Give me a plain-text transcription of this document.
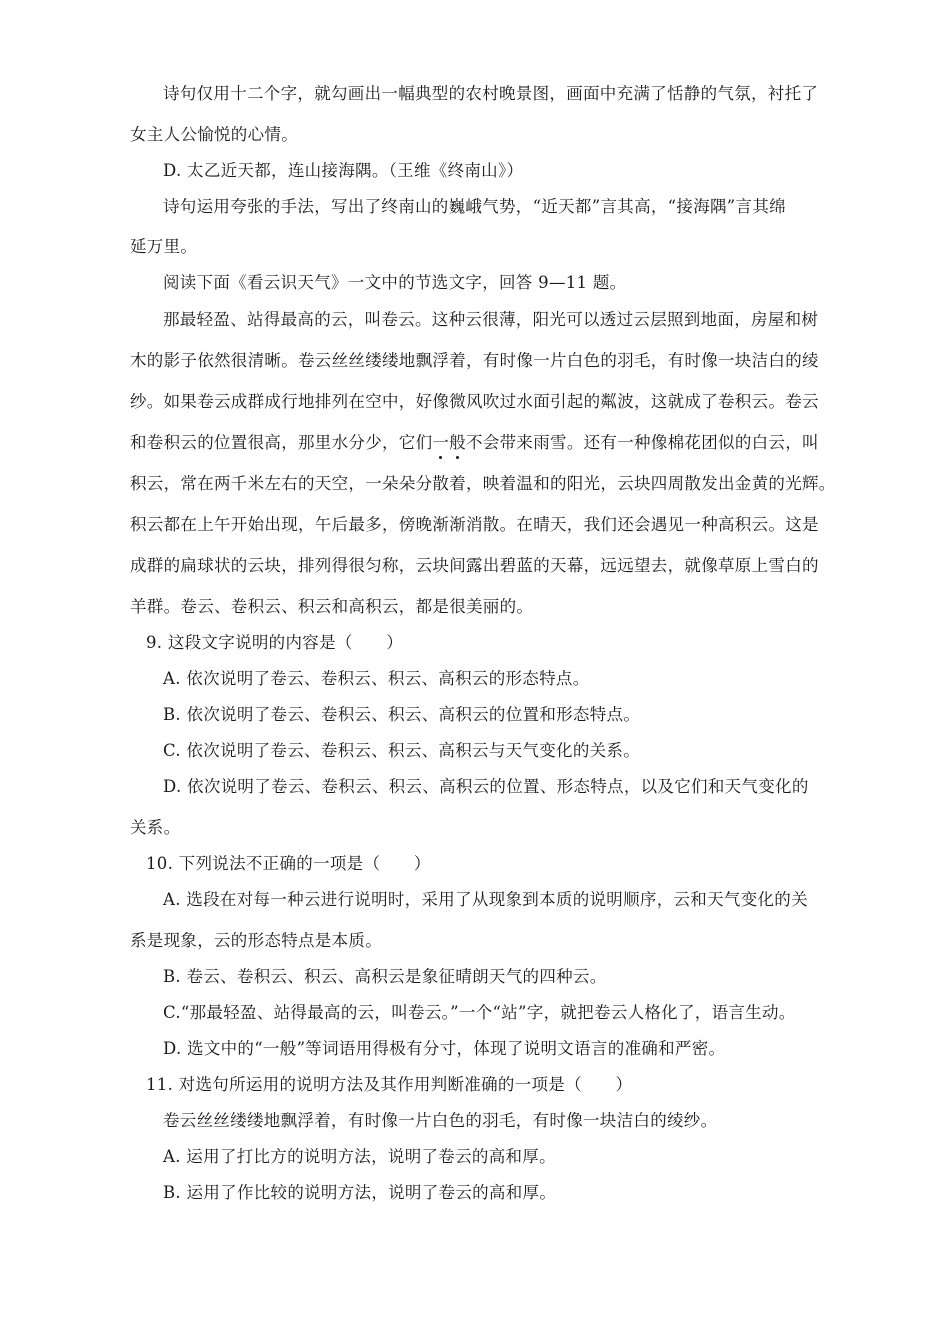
诗句仅用十二个字，就勾画出一幅典型的农村晚景图，画面中充满了恬静的气氛，衬托了
女主人公愉悦的心情。
D. 太乙近天都，连山接海隅。（王维《终南山》）
诗句运用夸张的手法，写出了终南山的巍峨气势，“近天都”言其高，“接海隅”言其绵
延万里。
阅读下面《看云识天气》一文中的节选文字，回答 9—11 题。
那最轻盈、站得最高的云，叫卷云。这种云很薄，阳光可以透过云层照到地面，房屋和树
木的影子依然很清晰。卷云丝丝缕缕地飘浮着，有时像一片白色的羽毛，有时像一块洁白的绫
纱。如果卷云成群成行地排列在空中，好像微风吹过水面引起的粼波，这就成了卷积云。卷云
和卷积云的位置很高，那里水分少，它们一般不会带来雨雪。还有一种像棉花团似的白云，叫
积云，常在两千米左右的天空，一朵朵分散着，映着温和的阳光，云块四周散发出金黄的光辉。
积云都在上午开始出现，午后最多，傍晚渐渐消散。在晴天，我们还会遇见一种高积云。这是
成群的扁球状的云块，排列得很匀称，云块间露出碧蓝的天幕，远远望去，就像草原上雪白的
羊群。卷云、卷积云、积云和高积云，都是很美丽的。
9. 这段文字说明的内容是（　　）
A. 依次说明了卷云、卷积云、积云、高积云的形态特点。
B. 依次说明了卷云、卷积云、积云、高积云的位置和形态特点。
C. 依次说明了卷云、卷积云、积云、高积云与天气变化的关系。
D. 依次说明了卷云、卷积云、积云、高积云的位置、形态特点，以及它们和天气变化的
关系。
10. 下列说法不正确的一项是（　　）
A. 选段在对每一种云进行说明时，采用了从现象到本质的说明顺序，云和天气变化的关
系是现象，云的形态特点是本质。
B. 卷云、卷积云、积云、高积云是象征晴朗天气的四种云。
C.“那最轻盈、站得最高的云，叫卷云。”一个“站”字，就把卷云人格化了，语言生动。
D. 选文中的“一般”等词语用得极有分寸，体现了说明文语言的准确和严密。
11. 对选句所运用的说明方法及其作用判断准确的一项是（　　）
卷云丝丝缕缕地飘浮着，有时像一片白色的羽毛，有时像一块洁白的绫纱。
A. 运用了打比方的说明方法，说明了卷云的高和厚。
B. 运用了作比较的说明方法，说明了卷云的高和厚。
